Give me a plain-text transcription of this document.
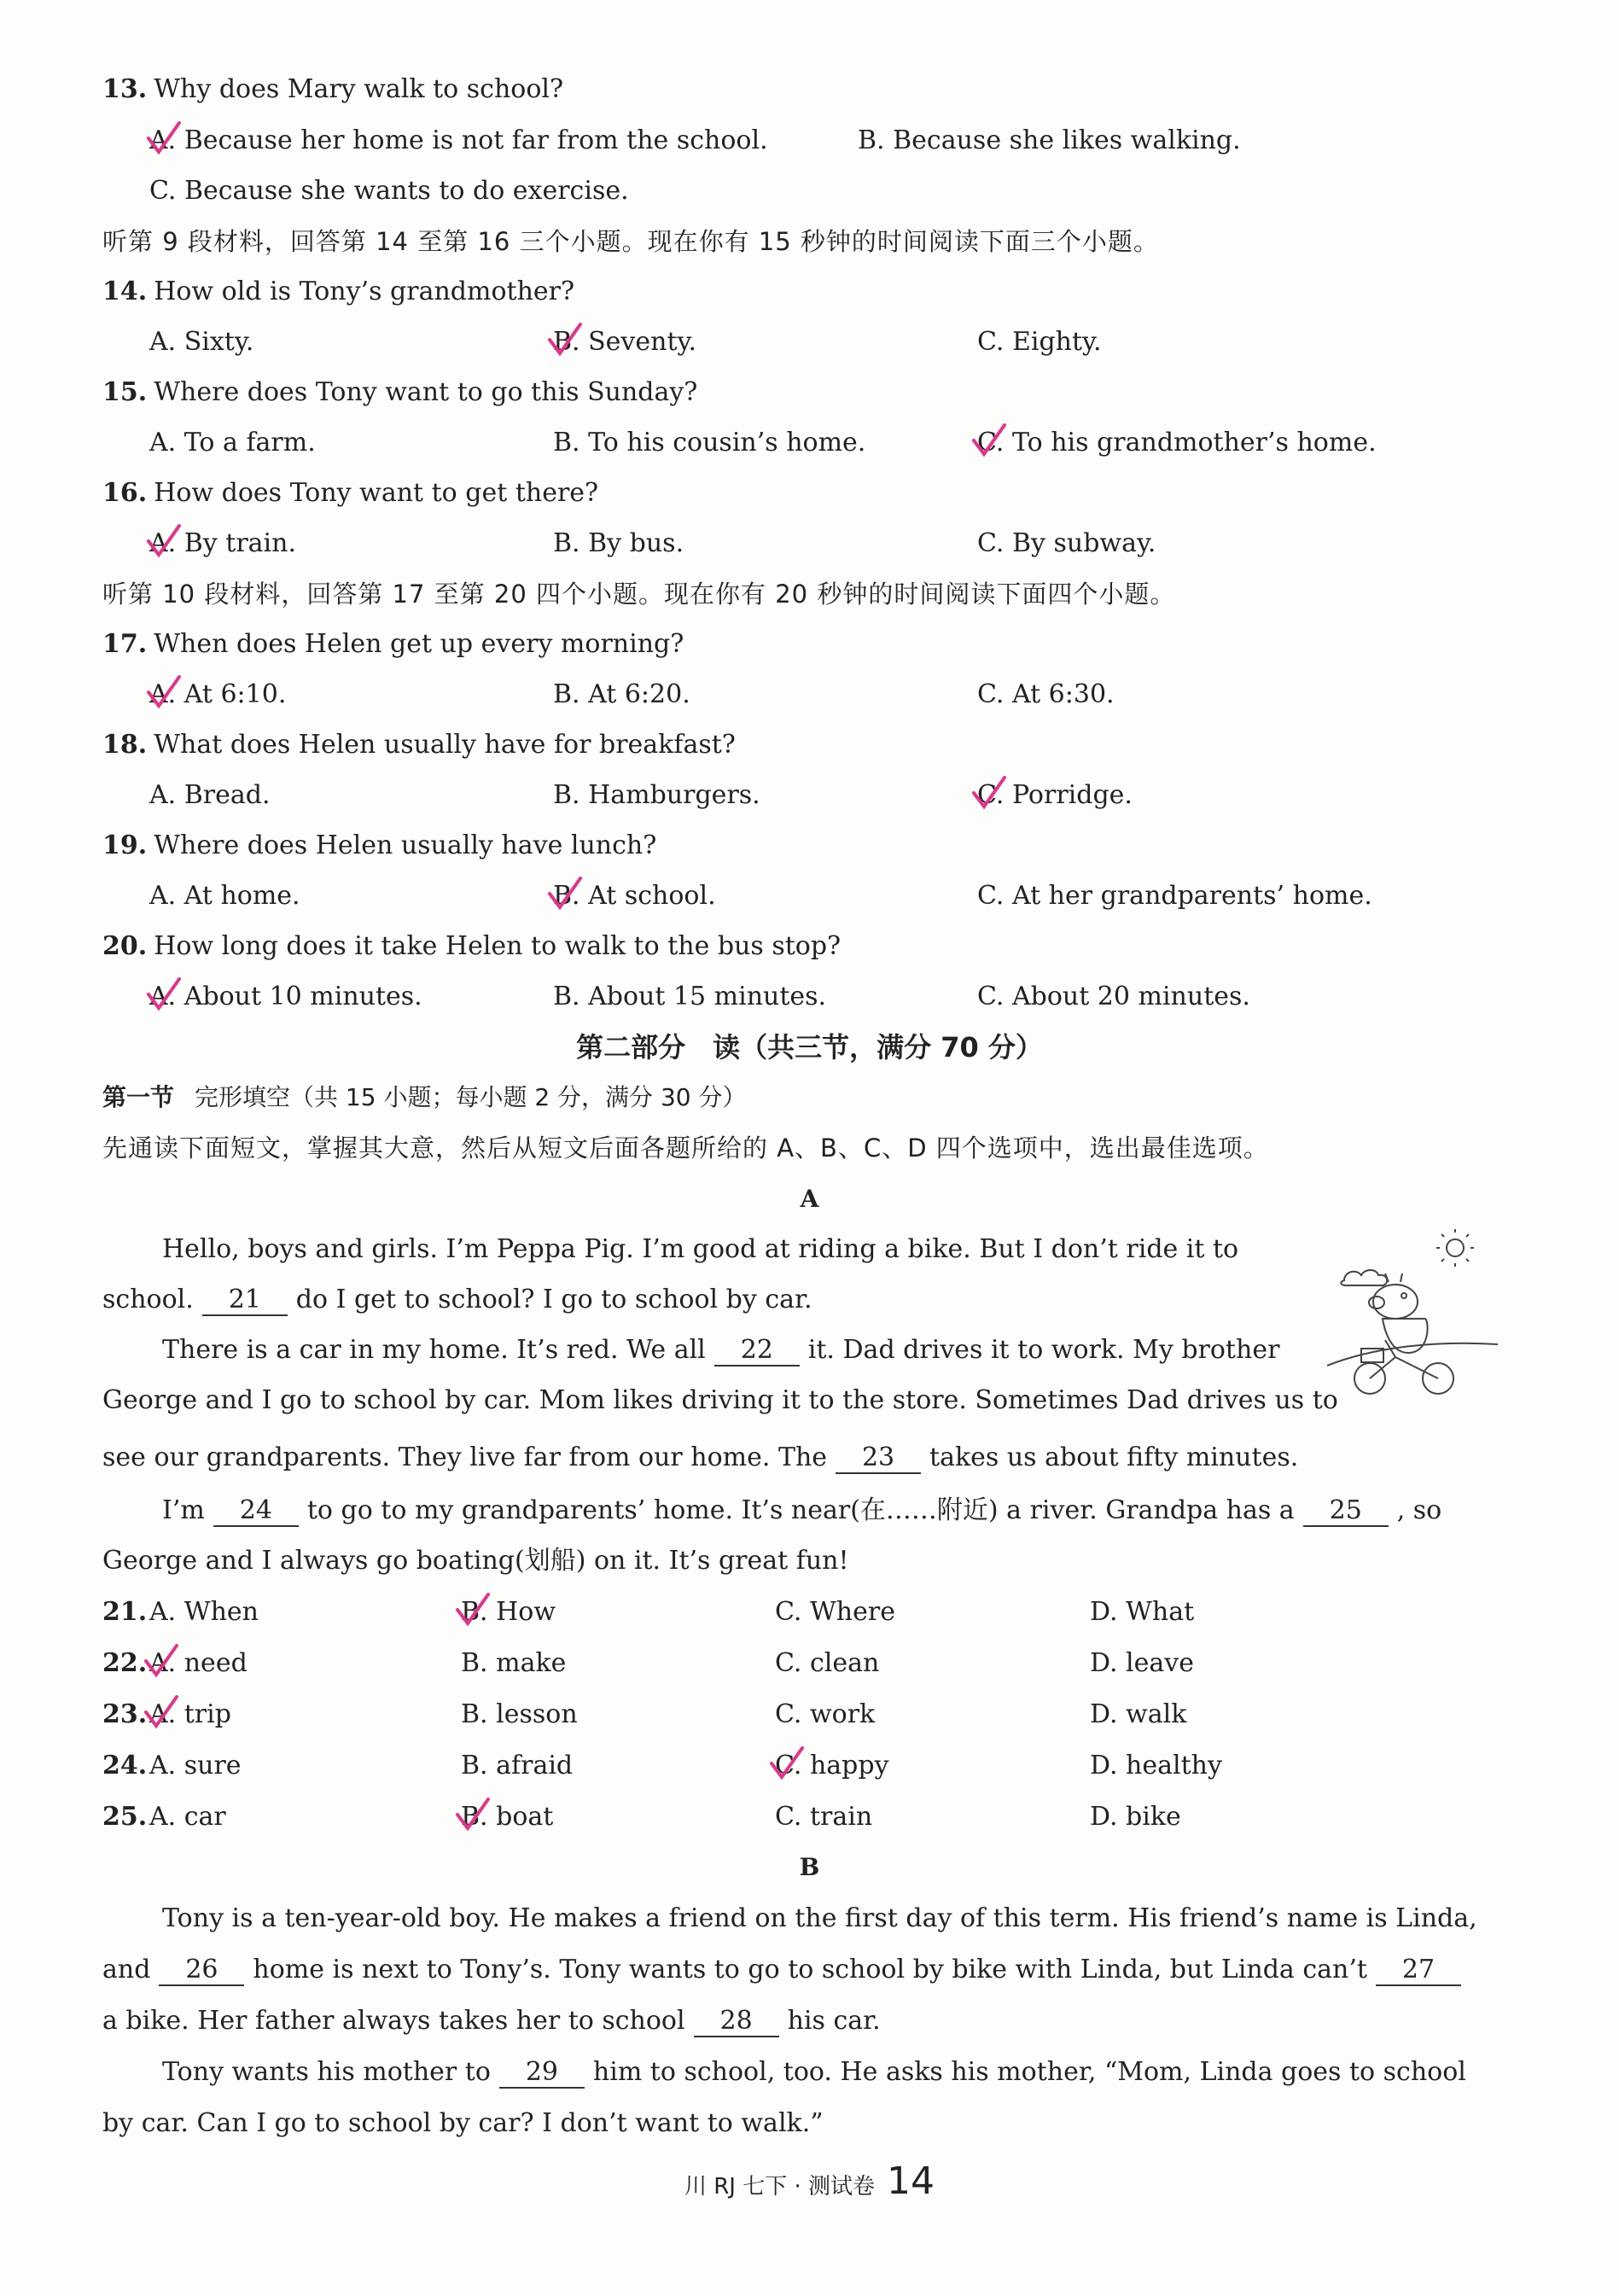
13. Why does Mary walk to school?
A. Because her home is not far from the school.	B. Because she likes walking.
C. Because she wants to do exercise.
听第 9 段材料，回答第 14 至第 16 三个小题。现在你有 15 秒钟的时间阅读下面三个小题。
14. How old is Tony’s grandmother?
A. Sixty.	B. Seventy.	C. Eighty.
15. Where does Tony want to go this Sunday?
A. To a farm.	B. To his cousin’s home.	C. To his grandmother’s home.
16. How does Tony want to get there?
A. By train.	B. By bus.	C. By subway.
听第 10 段材料，回答第 17 至第 20 四个小题。现在你有 20 秒钟的时间阅读下面四个小题。
17. When does Helen get up every morning?
A. At 6:10.	B. At 6:20.	C. At 6:30.
18. What does Helen usually have for breakfast?
A. Bread.	B. Hamburgers.	C. Porridge.
19. Where does Helen usually have lunch?
A. At home.	B. At school.	C. At her grandparents’ home.
20. How long does it take Helen to walk to the bus stop?
A. About 10 minutes.	B. About 15 minutes.	C. About 20 minutes.
第二部分　读（共三节，满分 70 分）
第一节 完形填空（共 15 小题；每小题 2 分，满分 30 分）
先通读下面短文，掌握其大意，然后从短文后面各题所给的 A、B、C、D 四个选项中，选出最佳选项。
A
Hello, boys and girls. I’m Peppa Pig. I’m good at riding a bike. But I don’t ride it to
school. 21 do I get to school? I go to school by car.
There is a car in my home. It’s red. We all 22 it. Dad drives it to work. My brother
George and I go to school by car. Mom likes driving it to the store. Sometimes Dad drives us to
see our grandparents. They live far from our home. The 23 takes us about fifty minutes.
I’m 24 to go to my grandparents’ home. It’s near(在……附近) a river. Grandpa has a 25 , so
George and I always go boating(划船) on it. It’s great fun!
21. A. When	B. How	C. Where	D. What
22. A. need	B. make	C. clean	D. leave
23. A. trip	B. lesson	C. work	D. walk
24. A. sure	B. afraid	C. happy	D. healthy
25. A. car	B. boat	C. train	D. bike
B
Tony is a ten-year-old boy. He makes a friend on the first day of this term. His friend’s name is Linda,
and 26 home is next to Tony’s. Tony wants to go to school by bike with Linda, but Linda can’t 27
a bike. Her father always takes her to school 28 his car.
Tony wants his mother to 29 him to school, too. He asks his mother, “Mom, Linda goes to school
by car. Can I go to school by car? I don’t want to walk.”
川 RJ 七下 · 测试卷 14
